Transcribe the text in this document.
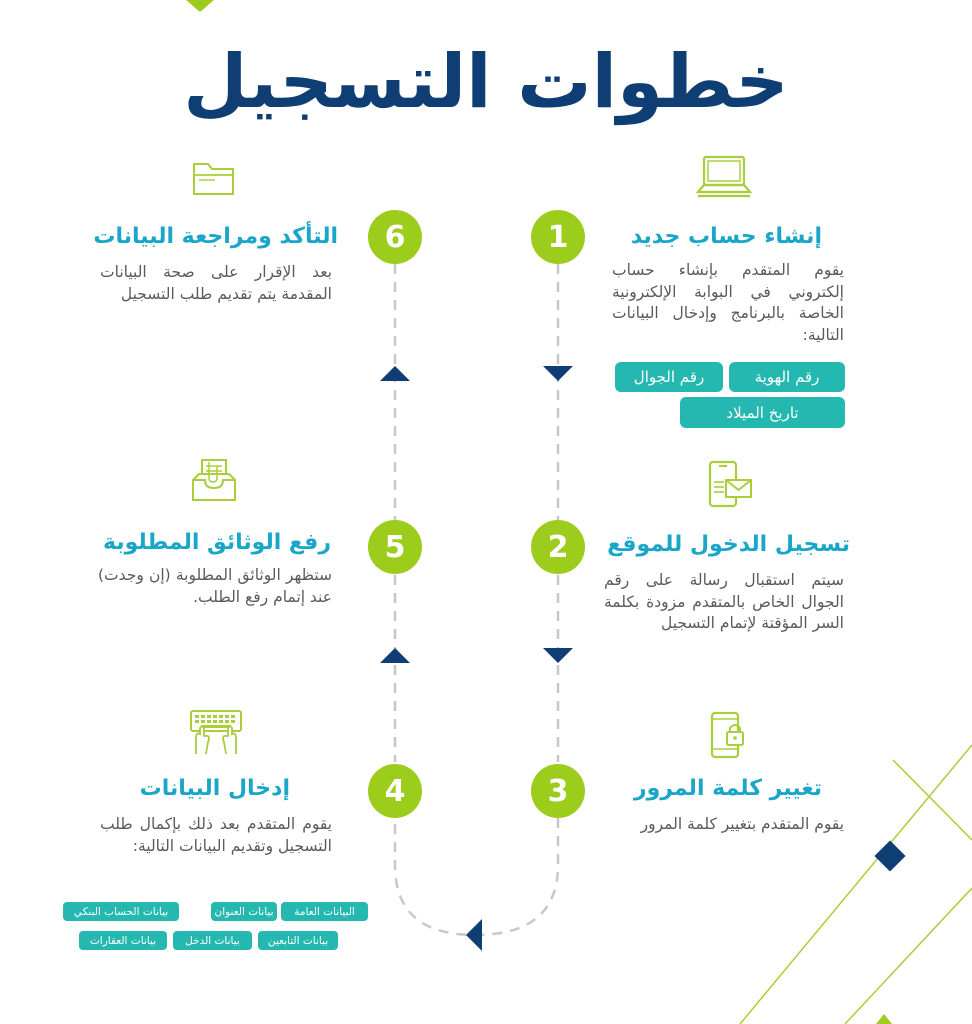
خطوات التسجيل
1
2
3
4
5
6	إنشاء حساب جديد
تسجيل الدخول للموقع
تغيير كلمة المرور
إدخال البيانات
رفع الوثائق المطلوبة
التأكد ومراجعة البيانات
يقوم المتقدم بإنشاء حساب إلكتروني في البوابة الإلكترونية الخاصة بالبرنامج وإدخال البيانات التالية:
سيتم استقبال رسالة على رقم الجوال الخاص بالمتقدم مزودة بكلمة السر المؤقتة لإتمام التسجيل
يقوم المتقدم بتغيير كلمة المرور
يقوم المتقدم بعد ذلك بإكمال طلب التسجيل وتقديم البيانات التالية:
ستظهر الوثائق المطلوبة (إن وجدت) عند إتمام رفع الطلب.
بعد الإقرار على صحة البيانات المقدمة يتم تقديم طلب التسجيل
رقم الهوية
رقم الجوال
تاريخ الميلاد
البيانات العامة
بيانات العنوان
بيانات الحساب البنكي
بيانات التابعين
بيانات الدخل
بيانات العقارات
